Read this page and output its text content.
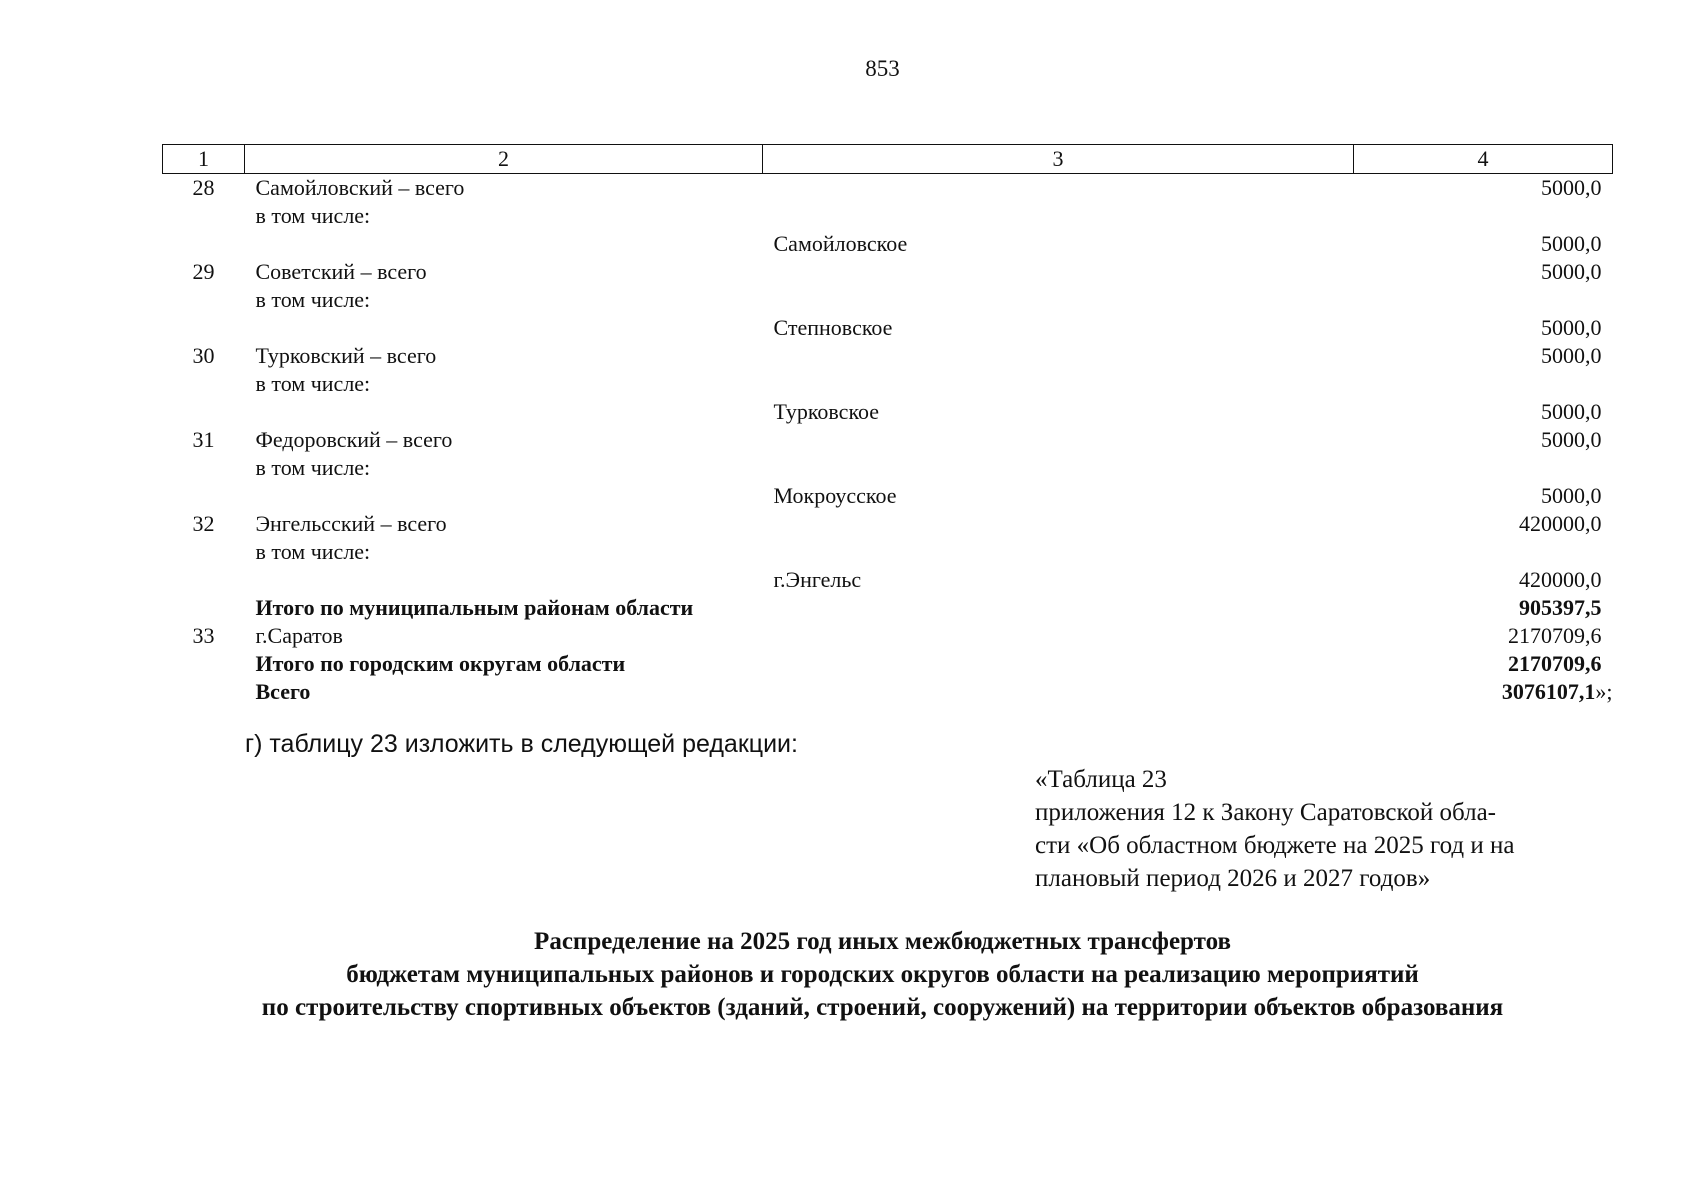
853
1	2	3	4
28	Самойловский – всего		5000,0
	в том числе:		
		Самойловское	5000,0
29	Советский – всего		5000,0
	в том числе:		
		Степновское	5000,0
30	Турковский – всего		5000,0
	в том числе:		
		Турковское	5000,0
31	Федоровский – всего		5000,0
	в том числе:		
		Мокроусское	5000,0
32	Энгельсский – всего		420000,0
	в том числе:		
		г.Энгельс	420000,0
	Итого по муниципальным районам области		905397,5
33	г.Саратов		2170709,6
	Итого по городским округам области		2170709,6
	Всего		3076107,1»;
г) таблицу 23 изложить в следующей редакции:
«Таблица 23
приложения 12 к Закону Саратовской обла-
сти «Об областном бюджете на 2025 год и на
плановый период 2026 и 2027 годов»
Распределение на 2025 год иных межбюджетных трансфертов
бюджетам муниципальных районов и городских округов области на реализацию мероприятий
по строительству спортивных объектов (зданий, строений, сооружений) на территории объектов образования
